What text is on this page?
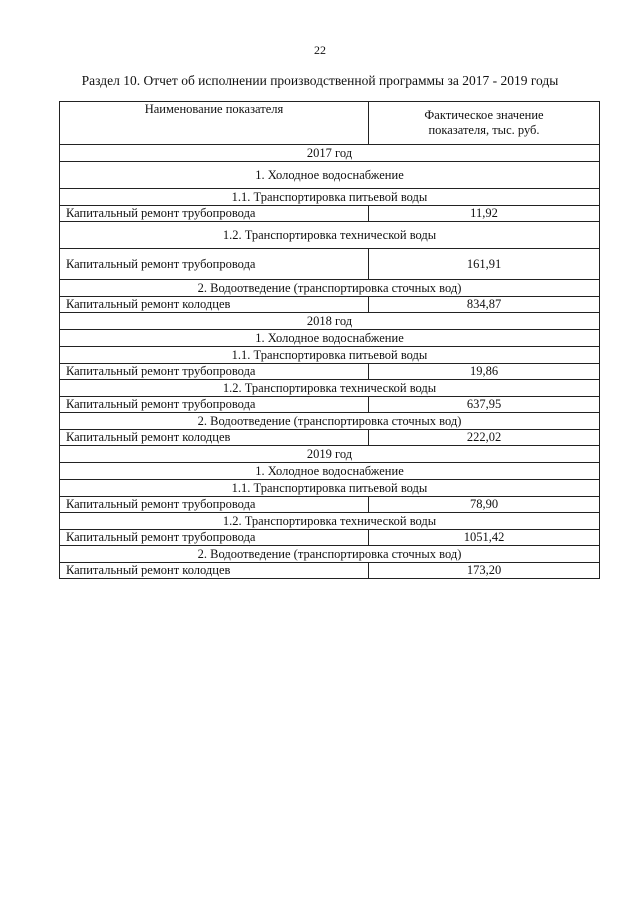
22
Раздел 10. Отчет об исполнении производственной программы за 2017 - 2019 годы
Наименование показателя	Фактическое значение
показателя, тыс. руб.

2017 год	
1. Холодное водоснабжение	
1.1. Транспортировка питьевой воды	
Капитальный ремонт трубопровода	11,92
1.2. Транспортировка технической воды	
Капитальный ремонт трубопровода	161,91
2. Водоотведение (транспортировка сточных вод)	
Капитальный ремонт колодцев	834,87
2018 год	
1. Холодное водоснабжение	
1.1. Транспортировка питьевой воды	
Капитальный ремонт трубопровода	19,86
1.2. Транспортировка технической воды	
Капитальный ремонт трубопровода	637,95
2. Водоотведение (транспортировка сточных вод)	
Капитальный ремонт колодцев	222,02
2019 год	
1. Холодное водоснабжение	
1.1. Транспортировка питьевой воды	
Капитальный ремонт трубопровода	78,90
1.2. Транспортировка технической воды	
Капитальный ремонт трубопровода	1051,42
2. Водоотведение (транспортировка сточных вод)	
Капитальный ремонт колодцев	173,20
